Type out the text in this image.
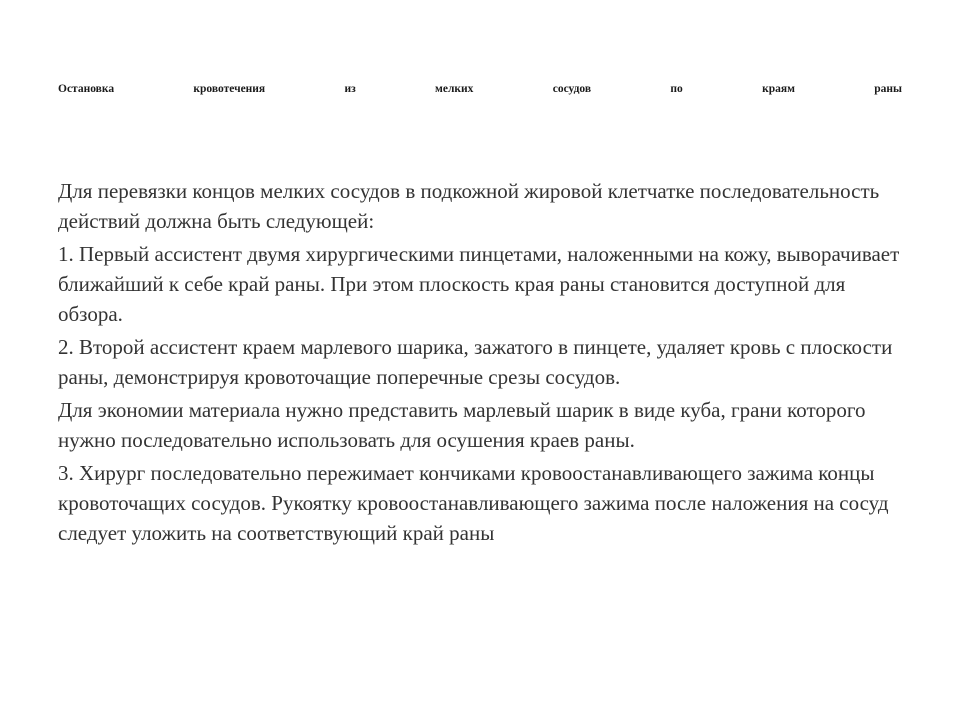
Остановка	кровотечения	из	мелких	сосудов	по	краям	раны

Для перевязки концов мелких сосудов в подкожной жировой клетчатке последовательность действий должна быть следующей:

1. Первый ассистент двумя хирургическими пинцетами, наложенными на кожу, выворачивает ближайший к себе край раны. При этом плоскость края раны становится доступной для обзора.

2. Второй ассистент краем марлевого шарика, зажатого в пинцете, удаляет кровь с плоскости раны, демонстрируя кровоточащие поперечные срезы сосудов.

Для экономии материала нужно представить марлевый шарик в виде куба, грани которого нужно последовательно использовать для осушения краев раны.

3. Хирург последовательно пережимает кончиками кровоостанавливающего зажима концы кровоточащих сосудов. Рукоятку кровоостанавливающего зажима после наложения на сосуд следует уложить на соответствующий край раны
